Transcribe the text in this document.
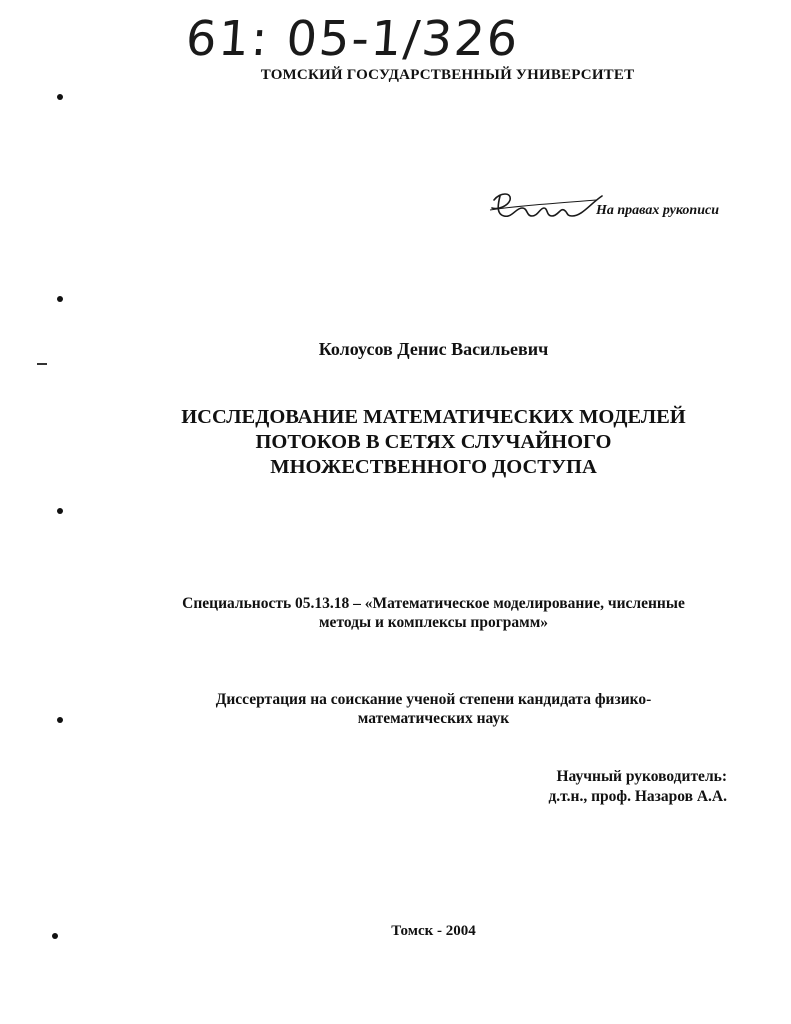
61: 05-1/326
ТОМСКИЙ ГОСУДАРСТВЕННЫЙ УНИВЕРСИТЕТ
На правах рукописи
Колоусов Денис Васильевич
ИССЛЕДОВАНИЕ МАТЕМАТИЧЕСКИХ МОДЕЛЕЙ
ПОТОКОВ В СЕТЯХ СЛУЧАЙНОГО
МНОЖЕСТВЕННОГО ДОСТУПА
Специальность 05.13.18 – «Математическое моделирование, численные
методы и комплексы программ»
Диссертация на соискание ученой степени кандидата физико-
математических наук
Научный руководитель:
д.т.н., проф. Назаров А.А.
Томск - 2004
